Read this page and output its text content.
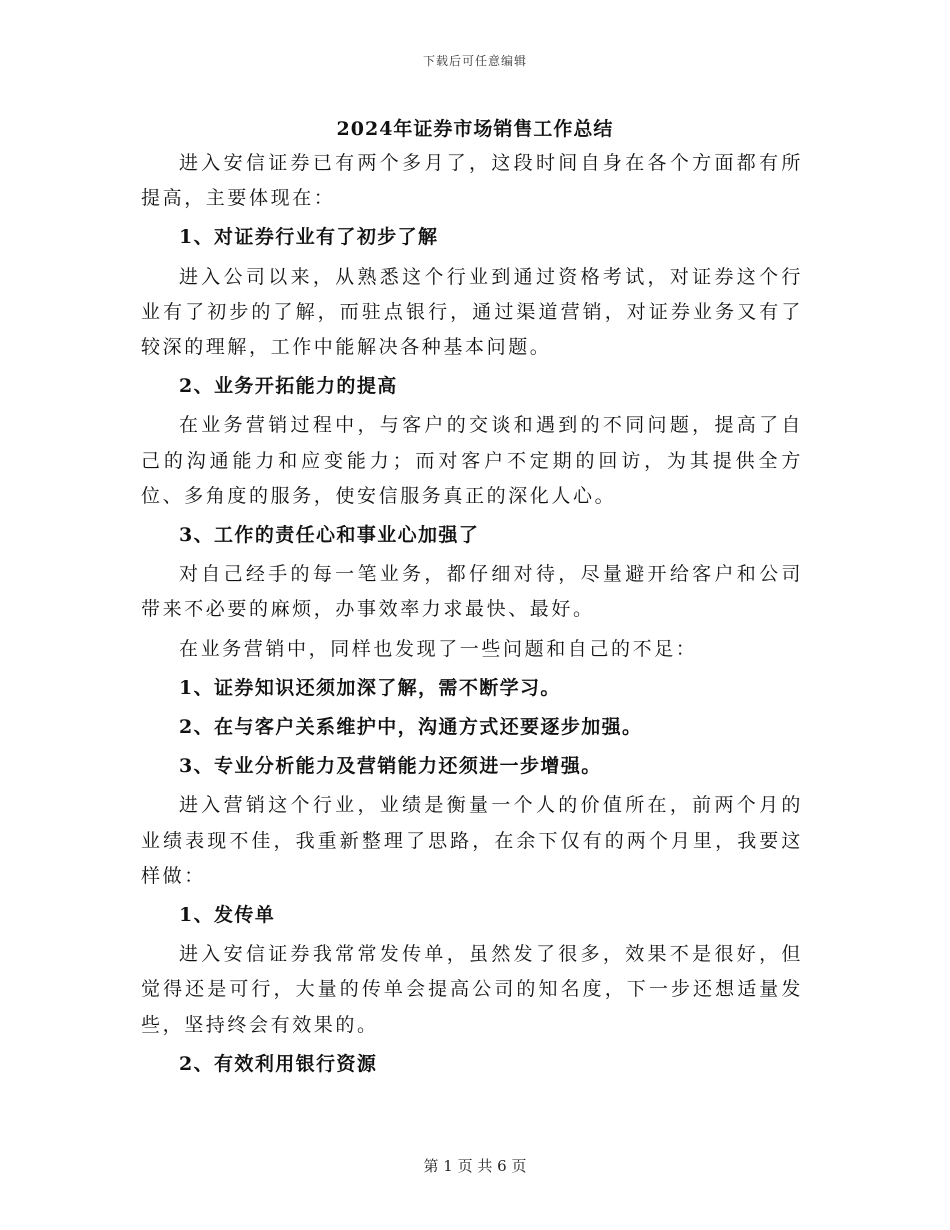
下载后可任意编辑
2024年证券市场销售工作总结

进入安信证券已有两个多月了，这段时间自身在各个方面都有所提高，主要体现在：

1、对证券行业有了初步了解

进入公司以来，从熟悉这个行业到通过资格考试，对证券这个行业有了初步的了解，而驻点银行，通过渠道营销，对证券业务又有了较深的理解，工作中能解决各种基本问题。

2、业务开拓能力的提高

在业务营销过程中，与客户的交谈和遇到的不同问题，提高了自己的沟通能力和应变能力；而对客户不定期的回访，为其提供全方位、多角度的服务，使安信服务真正的深化人心。

3、工作的责任心和事业心加强了

对自己经手的每一笔业务，都仔细对待，尽量避开给客户和公司带来不必要的麻烦，办事效率力求最快、最好。

在业务营销中，同样也发现了一些问题和自己的不足：

1、证券知识还须加深了解，需不断学习。

2、在与客户关系维护中，沟通方式还要逐步加强。

3、专业分析能力及营销能力还须进一步增强。

进入营销这个行业，业绩是衡量一个人的价值所在，前两个月的业绩表现不佳，我重新整理了思路，在余下仅有的两个月里，我要这样做：

1、发传单

进入安信证券我常常发传单，虽然发了很多，效果不是很好，但觉得还是可行，大量的传单会提高公司的知名度，下一步还想适量发些，坚持终会有效果的。

2、有效利用银行资源

第 1 页 共 6 页
